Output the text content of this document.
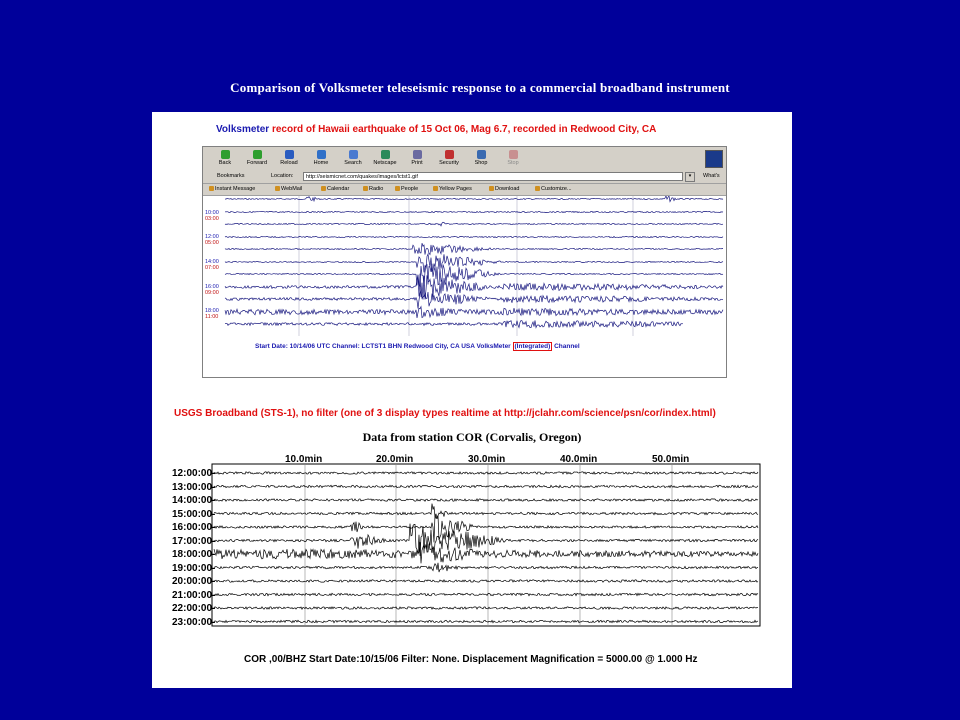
Comparison of Volksmeter teleseismic response to a commercial broadband instrument
Volksmeter record of Hawaii earthquake of 15 Oct 06, Mag 6.7, recorded in Redwood City, CA
Back	Forward	Reload	Home	Search	Netscape	Print	Security	Shop	Stop
Bookmarks	Location:	http://seismicnet.com/quakes/images/lctst1.gif	▾	What's
Instant Message	WebMail	Calendar	Radio	People	Yellow Pages	Download	Customize...
10:00
03:00
12:00
05:00
14:00
07:00
16:00
09:00
18:00
11:00
Start Date: 10/14/06 UTC Channel: LCTST1 BHN Redwood City, CA USA VolksMeter (Integrated) Channel
USGS Broadband (STS-1), no filter (one of 3 display types realtime at http://jclahr.com/science/psn/cor/index.html)
Data from station COR (Corvalis, Oregon)
10.0min	20.0min	30.0min	40.0min	50.0min
12:00:00-
13:00:00-
14:00:00-
15:00:00-
16:00:00-
17:00:00-
18:00:00-
19:00:00-
20:00:00-
21:00:00-
22:00:00-
23:00:00-
COR ,00/BHZ Start Date:10/15/06 Filter: None. Displacement Magnification = 5000.00 @ 1.000 Hz
